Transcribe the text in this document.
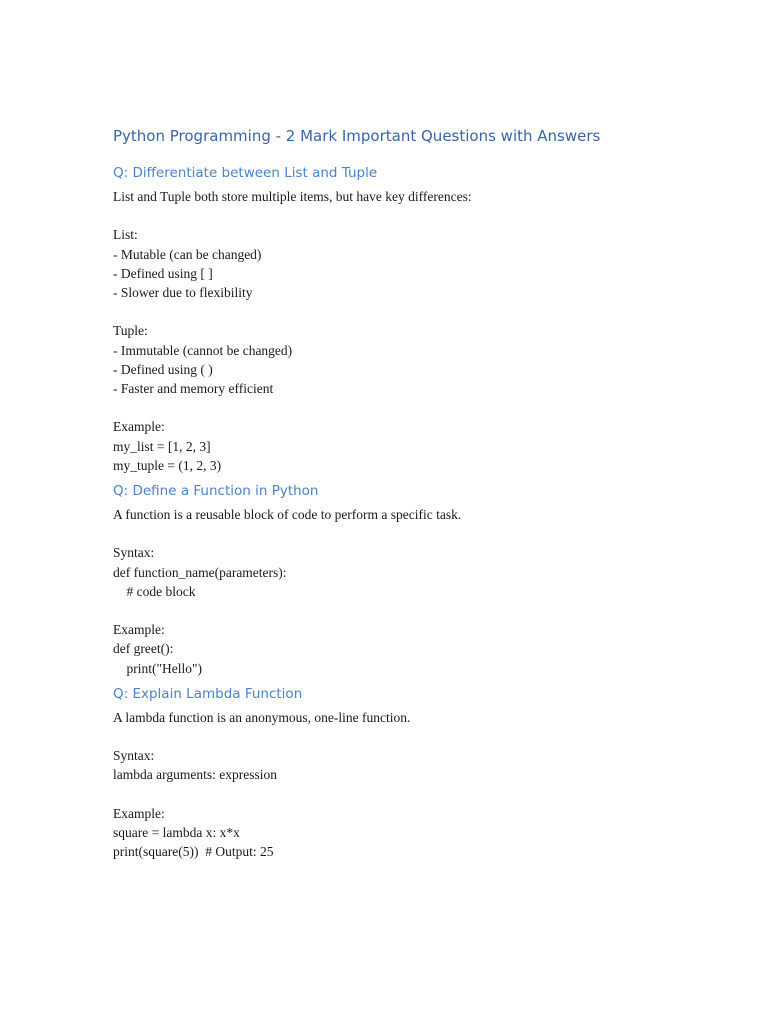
Python Programming - 2 Mark Important Questions with Answers
Q: Differentiate between List and Tuple
List and Tuple both store multiple items, but have key differences:
List:
- Mutable (can be changed)
- Defined using [ ]
- Slower due to flexibility
Tuple:
- Immutable (cannot be changed)
- Defined using ( )
- Faster and memory efficient
Example:
my_list = [1, 2, 3]
my_tuple = (1, 2, 3)
Q: Define a Function in Python
A function is a reusable block of code to perform a specific task.
Syntax:
def function_name(parameters):
# code block
Example:
def greet():
print("Hello")
Q: Explain Lambda Function
A lambda function is an anonymous, one-line function.
Syntax:
lambda arguments: expression
Example:
square = lambda x: x*x
print(square(5))  # Output: 25
